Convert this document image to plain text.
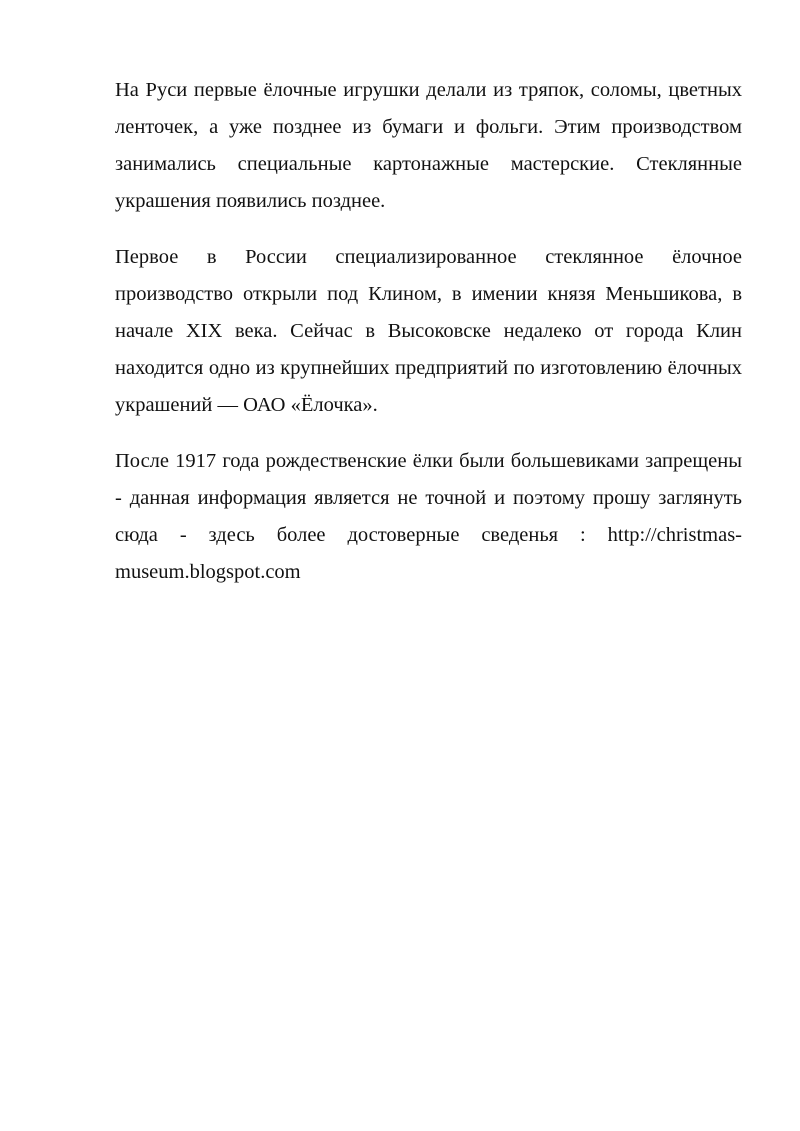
На Руси первые ёлочные игрушки делали из тряпок, соломы, цветных ленточек, а уже позднее из бумаги и фольги. Этим производством занимались специальные картонажные мастерские. Стеклянные украшения появились позднее.

Первое в России специализированное стеклянное ёлочное производство открыли под Клином, в имении князя Меньшикова, в начале XIX века. Сейчас в Высоковске недалеко от города Клин находится одно из крупнейших предприятий по изготовлению ёлочных украшений — ОАО «Ёлочка».

После 1917 года рождественские ёлки были большевиками запрещены - данная информация является не точной и поэтому прошу заглянуть сюда - здесь более достоверные сведенья : http://christmas-museum.blogspot.com
